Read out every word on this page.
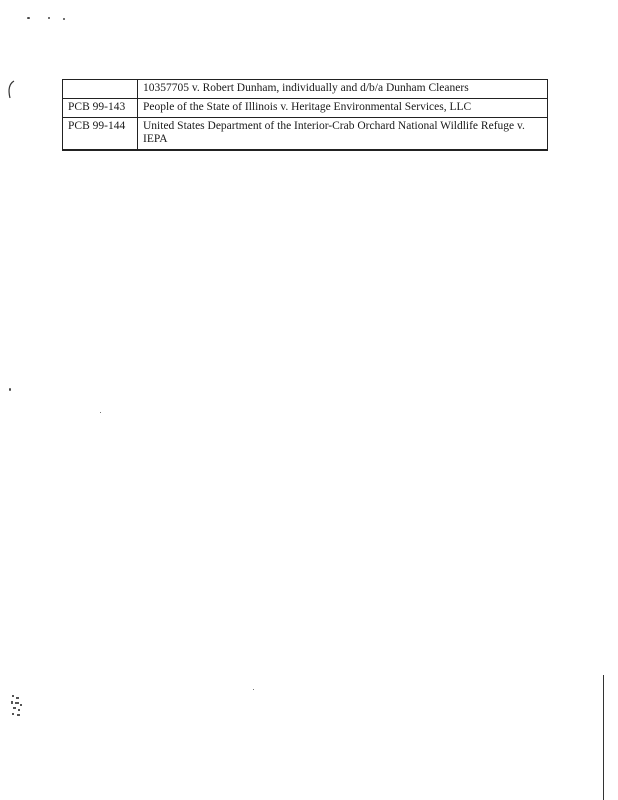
	10357705 v. Robert Dunham, individually and d/b/a Dunham Cleaners
PCB 99-143	People of the State of Illinois v. Heritage Environmental Services, LLC
PCB 99-144	United States Department of the Interior-Crab Orchard National Wildlife Refuge v. IEPA
